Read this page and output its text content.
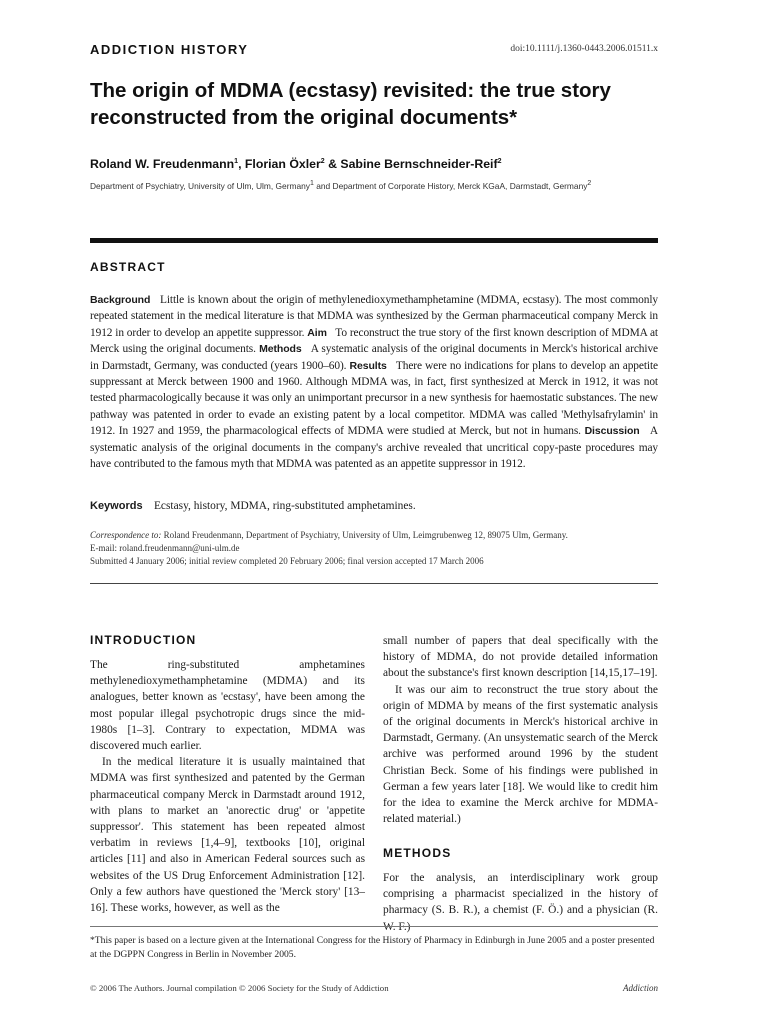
ADDICTION HISTORY	doi:10.1111/j.1360-0443.2006.01511.x
The origin of MDMA (ecstasy) revisited: the true story reconstructed from the original documents*
Roland W. Freudenmann$^1$, Florian Öxler$^2$ & Sabine Bernschneider-Reif$^2$
Department of Psychiatry, University of Ulm, Ulm, Germany$^1$ and Department of Corporate History, Merck KGaA, Darmstadt, Germany$^2$
ABSTRACT
Background Little is known about the origin of methylenedioxymethamphetamine (MDMA, ecstasy). The most commonly repeated statement in the medical literature is that MDMA was synthesized by the German pharmaceutical company Merck in 1912 in order to develop an appetite suppressor. Aim To reconstruct the true story of the first known description of MDMA at Merck using the original documents. Methods A systematic analysis of the original documents in Merck's historical archive in Darmstadt, Germany, was conducted (years 1900–60). Results There were no indications for plans to develop an appetite suppressant at Merck between 1900 and 1960. Although MDMA was, in fact, first synthesized at Merck in 1912, it was not tested pharmacologically because it was only an unimportant precursor in a new synthesis for haemostatic substances. The new pathway was patented in order to evade an existing patent by a local competitor. MDMA was called 'Methylsafrylamin' in 1912. In 1927 and 1959, the pharmacological effects of MDMA were studied at Merck, but not in humans. Discussion A systematic analysis of the original documents in the company's archive revealed that uncritical copy-paste procedures may have contributed to the famous myth that MDMA was patented as an appetite suppressor in 1912.
Keywords Ecstasy, history, MDMA, ring-substituted amphetamines.
Correspondence to: Roland Freudenmann, Department of Psychiatry, University of Ulm, Leimgrubenweg 12, 89075 Ulm, Germany.
E-mail: roland.freudenmann@uni-ulm.de
Submitted 4 January 2006; initial review completed 20 February 2006; final version accepted 17 March 2006
INTRODUCTION
The ring-substituted amphetamines methylenedioxymethamphetamine (MDMA) and its analogues, better known as 'ecstasy', have been among the most popular illegal psychotropic drugs since the mid-1980s [1–3]. Contrary to expectation, MDMA was discovered much earlier.
In the medical literature it is usually maintained that MDMA was first synthesized and patented by the German pharmaceutical company Merck in Darmstadt around 1912, with plans to market an 'anorectic drug' or 'appetite suppressor'. This statement has been repeated almost verbatim in reviews [1,4–9], textbooks [10], original articles [11] and also in American Federal sources such as websites of the US Drug Enforcement Administration [12]. Only a few authors have questioned the 'Merck story' [13–16]. These works, however, as well as the
small number of papers that deal specifically with the history of MDMA, do not provide detailed information about the substance's first known description [14,15,17–19].
It was our aim to reconstruct the true story about the origin of MDMA by means of the first systematic analysis of the original documents in Merck's historical archive in Darmstadt, Germany. (An unsystematic search of the Merck archive was performed around 1996 by the student Christian Beck. Some of his findings were published in German a few years later [18]. We would like to credit him for the idea to examine the Merck archive for MDMA-related material.)
METHODS
For the analysis, an interdisciplinary work group comprising a pharmacist specialized in the history of pharmacy (S. B. R.), a chemist (F. Ö.) and a physician (R.
*This paper is based on a lecture given at the International Congress for the History of Pharmacy in Edinburgh in June 2005 and a poster presented at the DGPPN Congress in Berlin in November 2005.
© 2006 The Authors. Journal compilation © 2006 Society for the Study of Addiction	Addiction
